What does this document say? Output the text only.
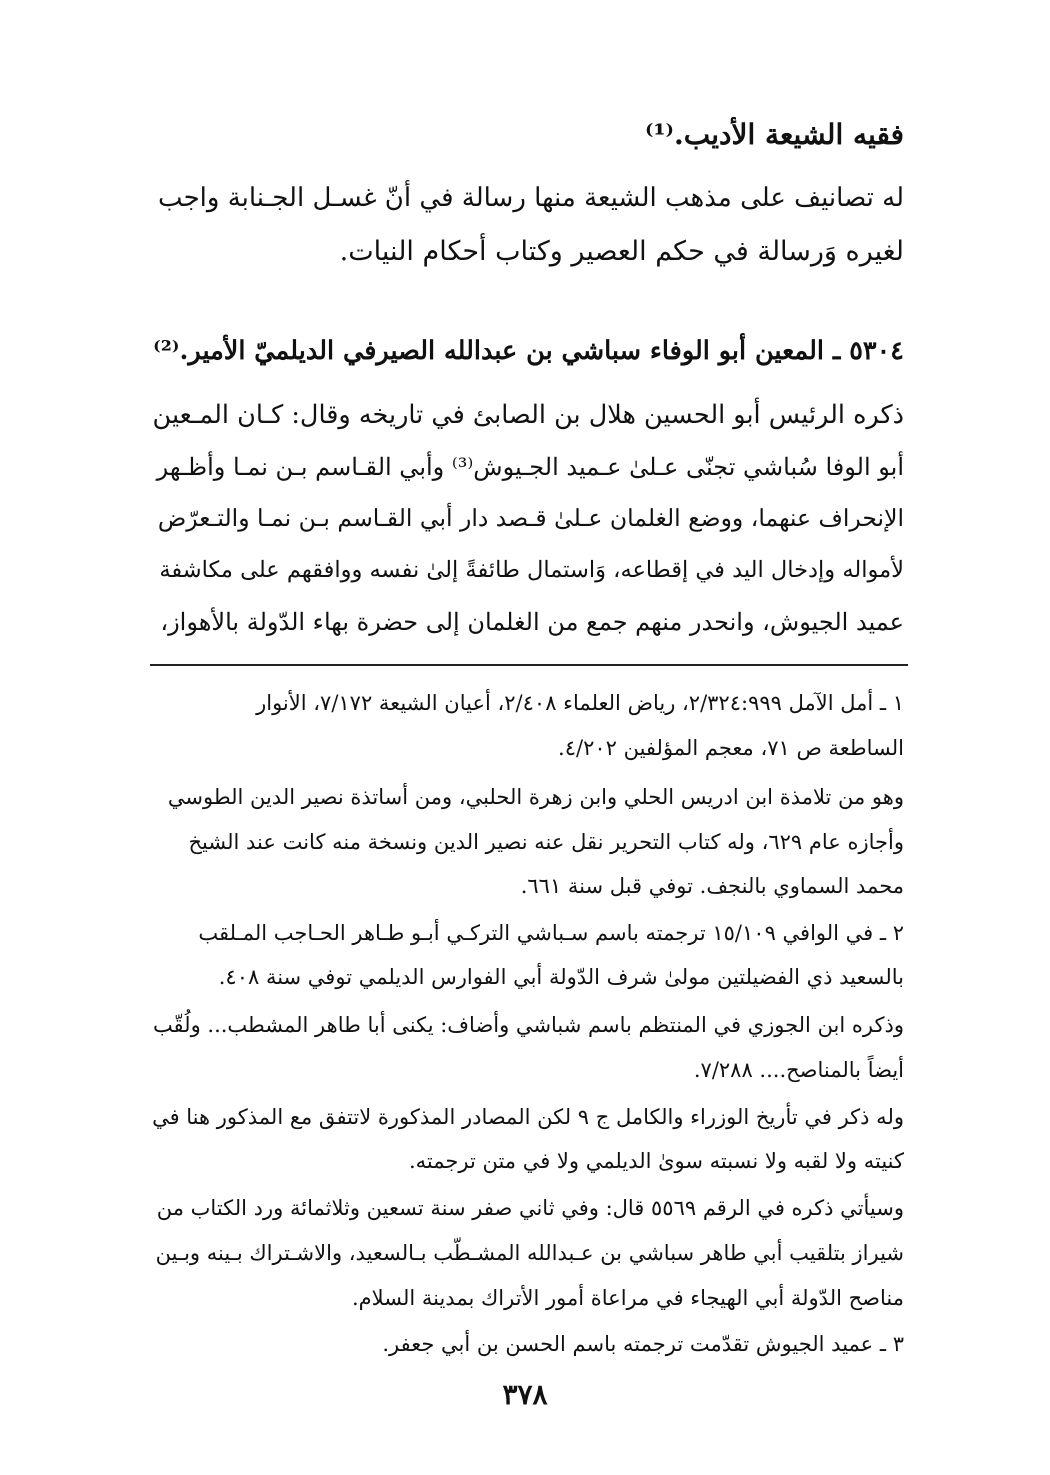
فقيه الشيعة الأديب.⁽¹⁾
له تصانيف على مذهب الشيعة منها رسالة في أنّ غسـل الجـنابة واجب
لغيره وَرسالة في حكم العصير وكتاب أحكام النيات.
٥٣٠٤ ـ المعين أبو الوفاء سباشي بن عبدالله الصيرفي الديلميّ الأمير.⁽²⁾
ذكره الرئيس أبو الحسين هلال بن الصابئ في تاريخه وقال: كـان المـعين
أبو الوفا سُباشي تجنّى عـلىٰ عـميد الجـيوش⁽³⁾ وأبي القـاسم بـن نمـا وأظـهر
الإنحراف عنهما، ووضع الغلمان عـلىٰ قـصد دار أبي القـاسم بـن نمـا والتـعرّض
لأمواله وإدخال اليد في إقطاعه، وَاستمال طائفةً إلىٰ نفسه ووافقهم على مكاشفة
عميد الجيوش، وانحدر منهم جمع من الغلمان إلى حضرة بهاء الدّولة بالأهواز،
١ ـ أمل الآمل ٢/٣٢٤:٩٩٩، رياض العلماء ٢/٤٠٨، أعيان الشيعة ٧/١٧٢، الأنوار
الساطعة ص ٧١، معجم المؤلفين ٤/٢٠٢.
وهو من تلامذة ابن ادريس الحلي وابن زهرة الحلبي، ومن أساتذة نصير الدين الطوسي
وأجازه عام ٦٢٩، وله كتاب التحرير نقل عنه نصير الدين ونسخة منه كانت عند الشيخ
محمد السماوي بالنجف. توفي قبل سنة ٦٦١.
٢ ـ في الوافي ١٥/١٠٩ ترجمته باسم سـباشي التركـي أبـو طـاهر الحـاجب المـلقب
بالسعيد ذي الفضيلتين مولىٰ شرف الدّولة أبي الفوارس الديلمي توفي سنة ٤٠٨.
وذكره ابن الجوزي في المنتظم باسم شباشي وأضاف: يكنى أبا طاهر المشطب... ولُقّب
أيضاً بالمناصح.... ٧/٢٨٨.
وله ذكر في تأريخ الوزراء والكامل ج ٩ لكن المصادر المذكورة لاتتفق مع المذكور هنا في
كنيته ولا لقبه ولا نسبته سوىٰ الديلمي ولا في متن ترجمته.
وسيأتي ذكره في الرقم ٥٥٦٩ قال: وفي ثاني صفر سنة تسعين وثلاثمائة ورد الكتاب من
شيراز بتلقيب أبي طاهر سباشي بن عـبدالله المشـطّب بـالسعيد، والاشـتراك بـينه وبـين
مناصح الدّولة أبي الهيجاء في مراعاة أمور الأتراك بمدينة السلام.
٣ ـ عميد الجيوش تقدّمت ترجمته باسم الحسن بن أبي جعفر.
٣٧٨
